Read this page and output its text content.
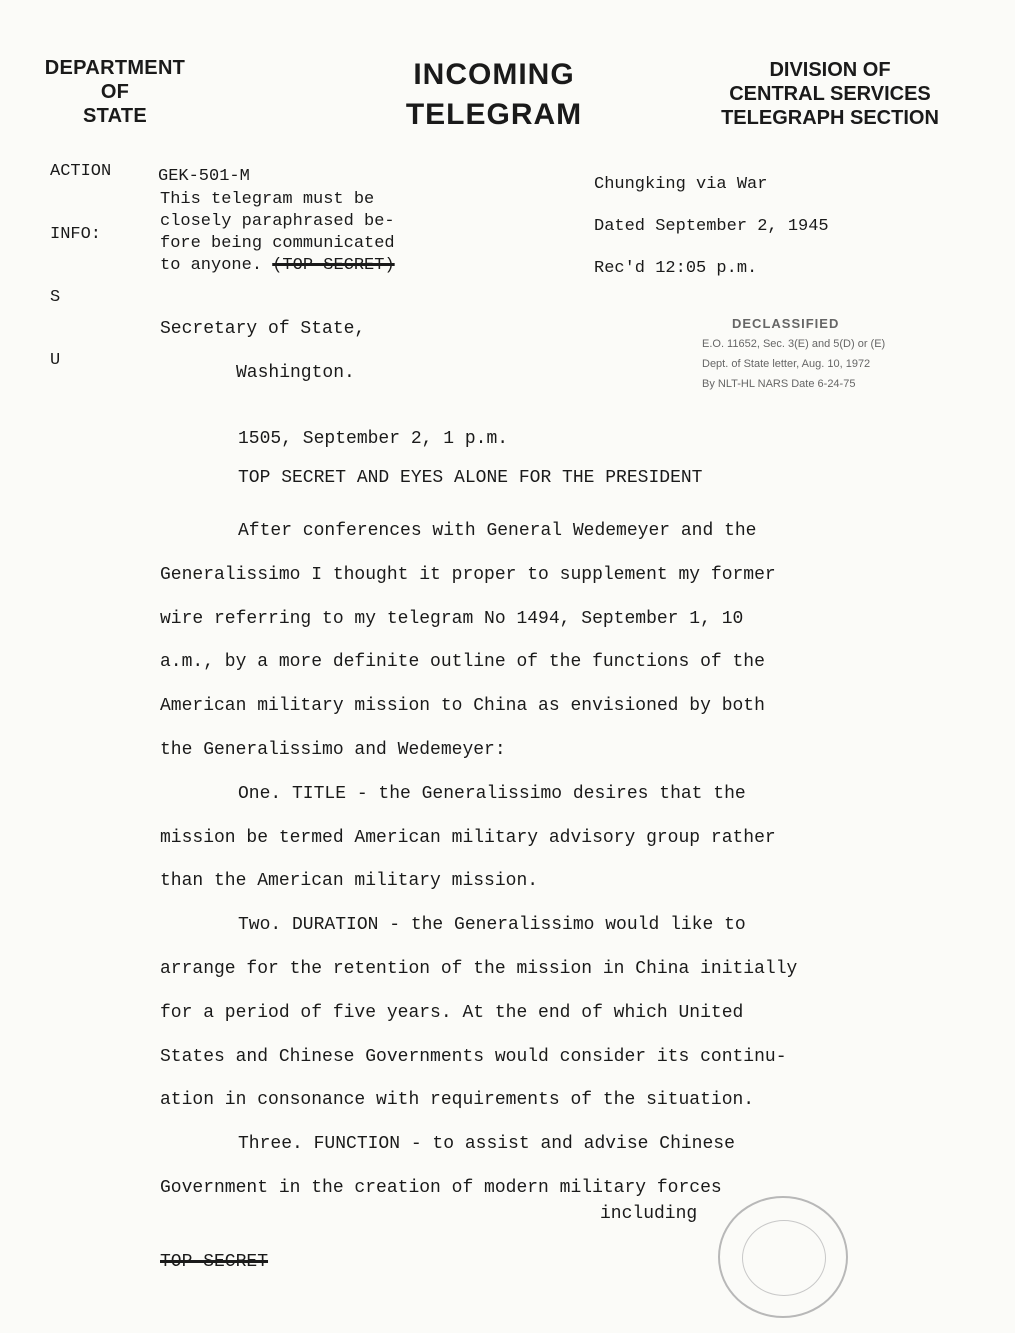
DEPARTMENT
OF
STATE
INCOMING
TELEGRAM
DIVISION OF
CENTRAL SERVICES
TELEGRAPH SECTION

ACTION

INFO:

S

U

GEK-501-M
This telegram must be
closely paraphrased be-
fore being communicated
to anyone. (TOP SECRET)
Chungking via War
Dated September 2, 1945
Rec'd 12:05 p.m.
DECLASSIFIED
E.O. 11652, Sec. 3(E) and 5(D) or (E)
Dept. of State letter, Aug. 10, 1972
By NLT-HL NARS Date 6-24-75
Secretary of State,
Washington.
1505, September 2, 1 p.m.
TOP SECRET AND EYES ALONE FOR THE PRESIDENT
After conferences with General Wedemeyer and the
Generalissimo I thought it proper to supplement my former
wire referring to my telegram No 1494, September 1, 10
a.m., by a more definite outline of the functions of the
American military mission to China as envisioned by both
the Generalissimo and Wedemeyer:
One. TITLE - the Generalissimo desires that the
mission be termed American military advisory group rather
than the American military mission.
Two. DURATION - the Generalissimo would like to
arrange for the retention of the mission in China initially
for a period of five years. At the end of which United
States and Chinese Governments would consider its continu-
ation in consonance with requirements of the situation.
Three. FUNCTION - to assist and advise Chinese
Government in the creation of modern military forces
including
TOP SECRET
